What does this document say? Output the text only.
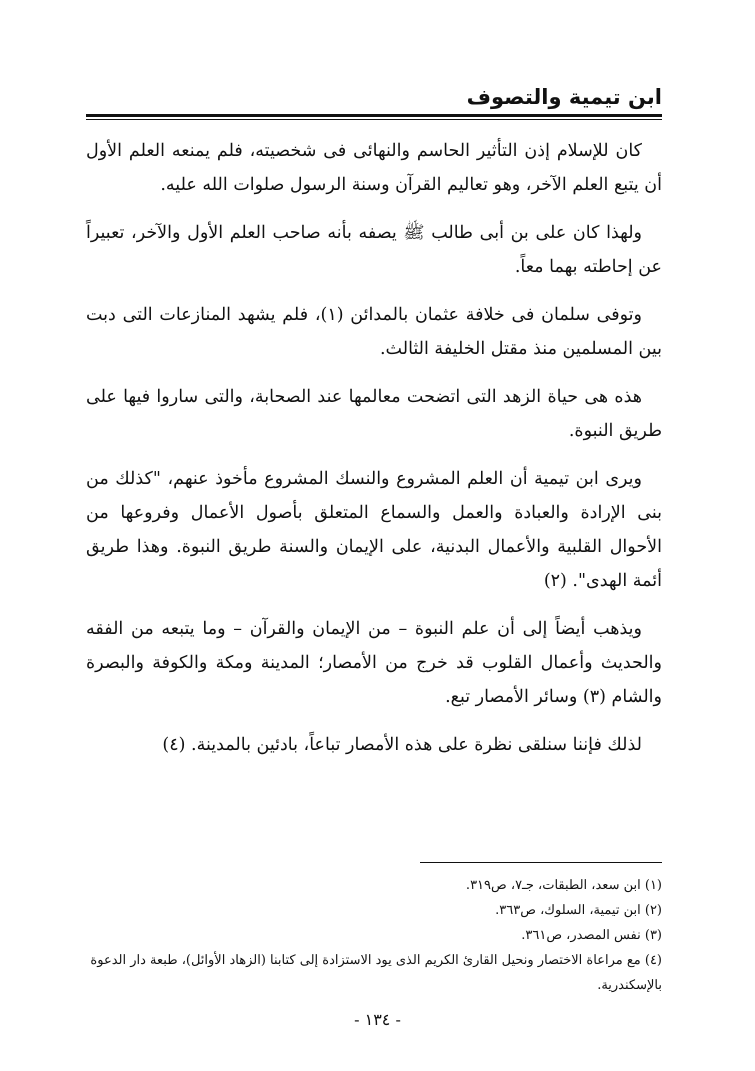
ابن تيمية والتصوف

كان للإسلام إذن التأثير الحاسم والنهائى فى شخصيته، فلم يمنعه العلم الأول أن يتبع العلم الآخر، وهو تعاليم القرآن وسنة الرسول صلوات الله عليه.

ولهذا كان على بن أبى طالب ﷺ يصفه بأنه صاحب العلم الأول والآخر، تعبيراً عن إحاطته بهما معاً.

وتوفى سلمان فى خلافة عثمان بالمدائن (١)، فلم يشهد المنازعات التى دبت بين المسلمين منذ مقتل الخليفة الثالث.

هذه هى حياة الزهد التى اتضحت معالمها عند الصحابة، والتى ساروا فيها على طريق النبوة.

ويرى ابن تيمية أن العلم المشروع والنسك المشروع مأخوذ عنهم، "كذلك من بنى الإرادة والعبادة والعمل والسماع المتعلق بأصول الأعمال وفروعها من الأحوال القلبية والأعمال البدنية، على الإيمان والسنة طريق النبوة. وهذا طريق أئمة الهدى". (٢)

ويذهب أيضاً إلى أن علم النبوة – من الإيمان والقرآن – وما يتبعه من الفقه والحديث وأعمال القلوب قد خرج من الأمصار؛ المدينة ومكة والكوفة والبصرة والشام (٣) وسائر الأمصار تبع.

لذلك فإننا سنلقى نظرة على هذه الأمصار تباعاً، بادئين بالمدينة. (٤)

(١) ابن سعد، الطبقات، جـ٧، ص٣١٩.
(٢) ابن تيمية، السلوك، ص٣٦٣.
(٣) نفس المصدر، ص٣٦١.
(٤) مع مراعاة الاختصار ونحيل القارئ الكريم الذى يود الاستزادة إلى كتابنا (الزهاد الأوائل)، طبعة دار الدعوة بالإسكندرية.
- ١٣٤ -
